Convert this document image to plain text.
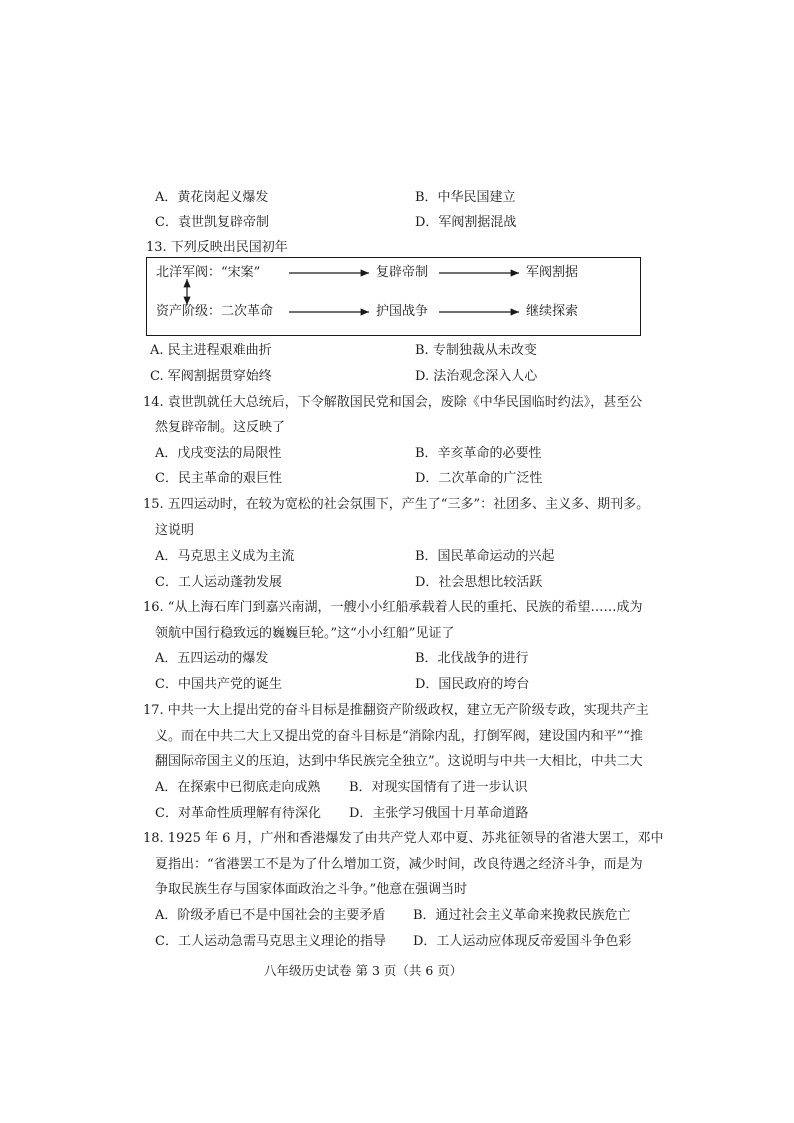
A．黄花岗起义爆发	B．中华民国建立
C．袁世凯复辟帝制	D．军阀割据混战
13. 下列反映出民国初年
北洋军阀：“宋案”	复辟帝制	军阀割据
资产阶级：二次革命	护国战争	继续探索
A. 民主进程艰难曲折	B. 专制独裁从未改变
C. 军阀割据贯穿始终	D. 法治观念深入人心
14. 袁世凯就任大总统后，下令解散国民党和国会，废除《中华民国临时约法》，甚至公
然复辟帝制。这反映了
A．戊戌变法的局限性	B．辛亥革命的必要性
C．民主革命的艰巨性	D．二次革命的广泛性
15. 五四运动时，在较为宽松的社会氛围下，产生了“三多”：社团多、主义多、期刊多。
这说明
A．马克思主义成为主流	B．国民革命运动的兴起
C．工人运动蓬勃发展	D．社会思想比较活跃
16. “从上海石库门到嘉兴南湖，一艘小小红船承载着人民的重托、民族的希望……成为
领航中国行稳致远的巍巍巨轮。”这“小小红船”见证了
A．五四运动的爆发	B．北伐战争的进行
C．中国共产党的诞生	D．国民政府的垮台
17. 中共一大上提出党的奋斗目标是推翻资产阶级政权，建立无产阶级专政，实现共产主
义。而在中共二大上又提出党的奋斗目标是“消除内乱，打倒军阀，建设国内和平”“推
翻国际帝国主义的压迫，达到中华民族完全独立”。这说明与中共一大相比，中共二大
A．在探索中已彻底走向成熟 B．对现实国情有了进一步认识
C．对革命性质理解有待深化 D．主张学习俄国十月革命道路
18. 1925 年 6 月，广州和香港爆发了由共产党人邓中夏、苏兆征领导的省港大罢工，邓中
夏指出：“省港罢工不是为了什么增加工资，减少时间，改良待遇之经济斗争，而是为
争取民族生存与国家体面政治之斗争。”他意在强调当时
A．阶级矛盾已不是中国社会的主要矛盾 B．通过社会主义革命来挽救民族危亡
C．工人运动急需马克思主义理论的指导 D．工人运动应体现反帝爱国斗争色彩
八年级历史试卷 第 3 页（共 6 页）
